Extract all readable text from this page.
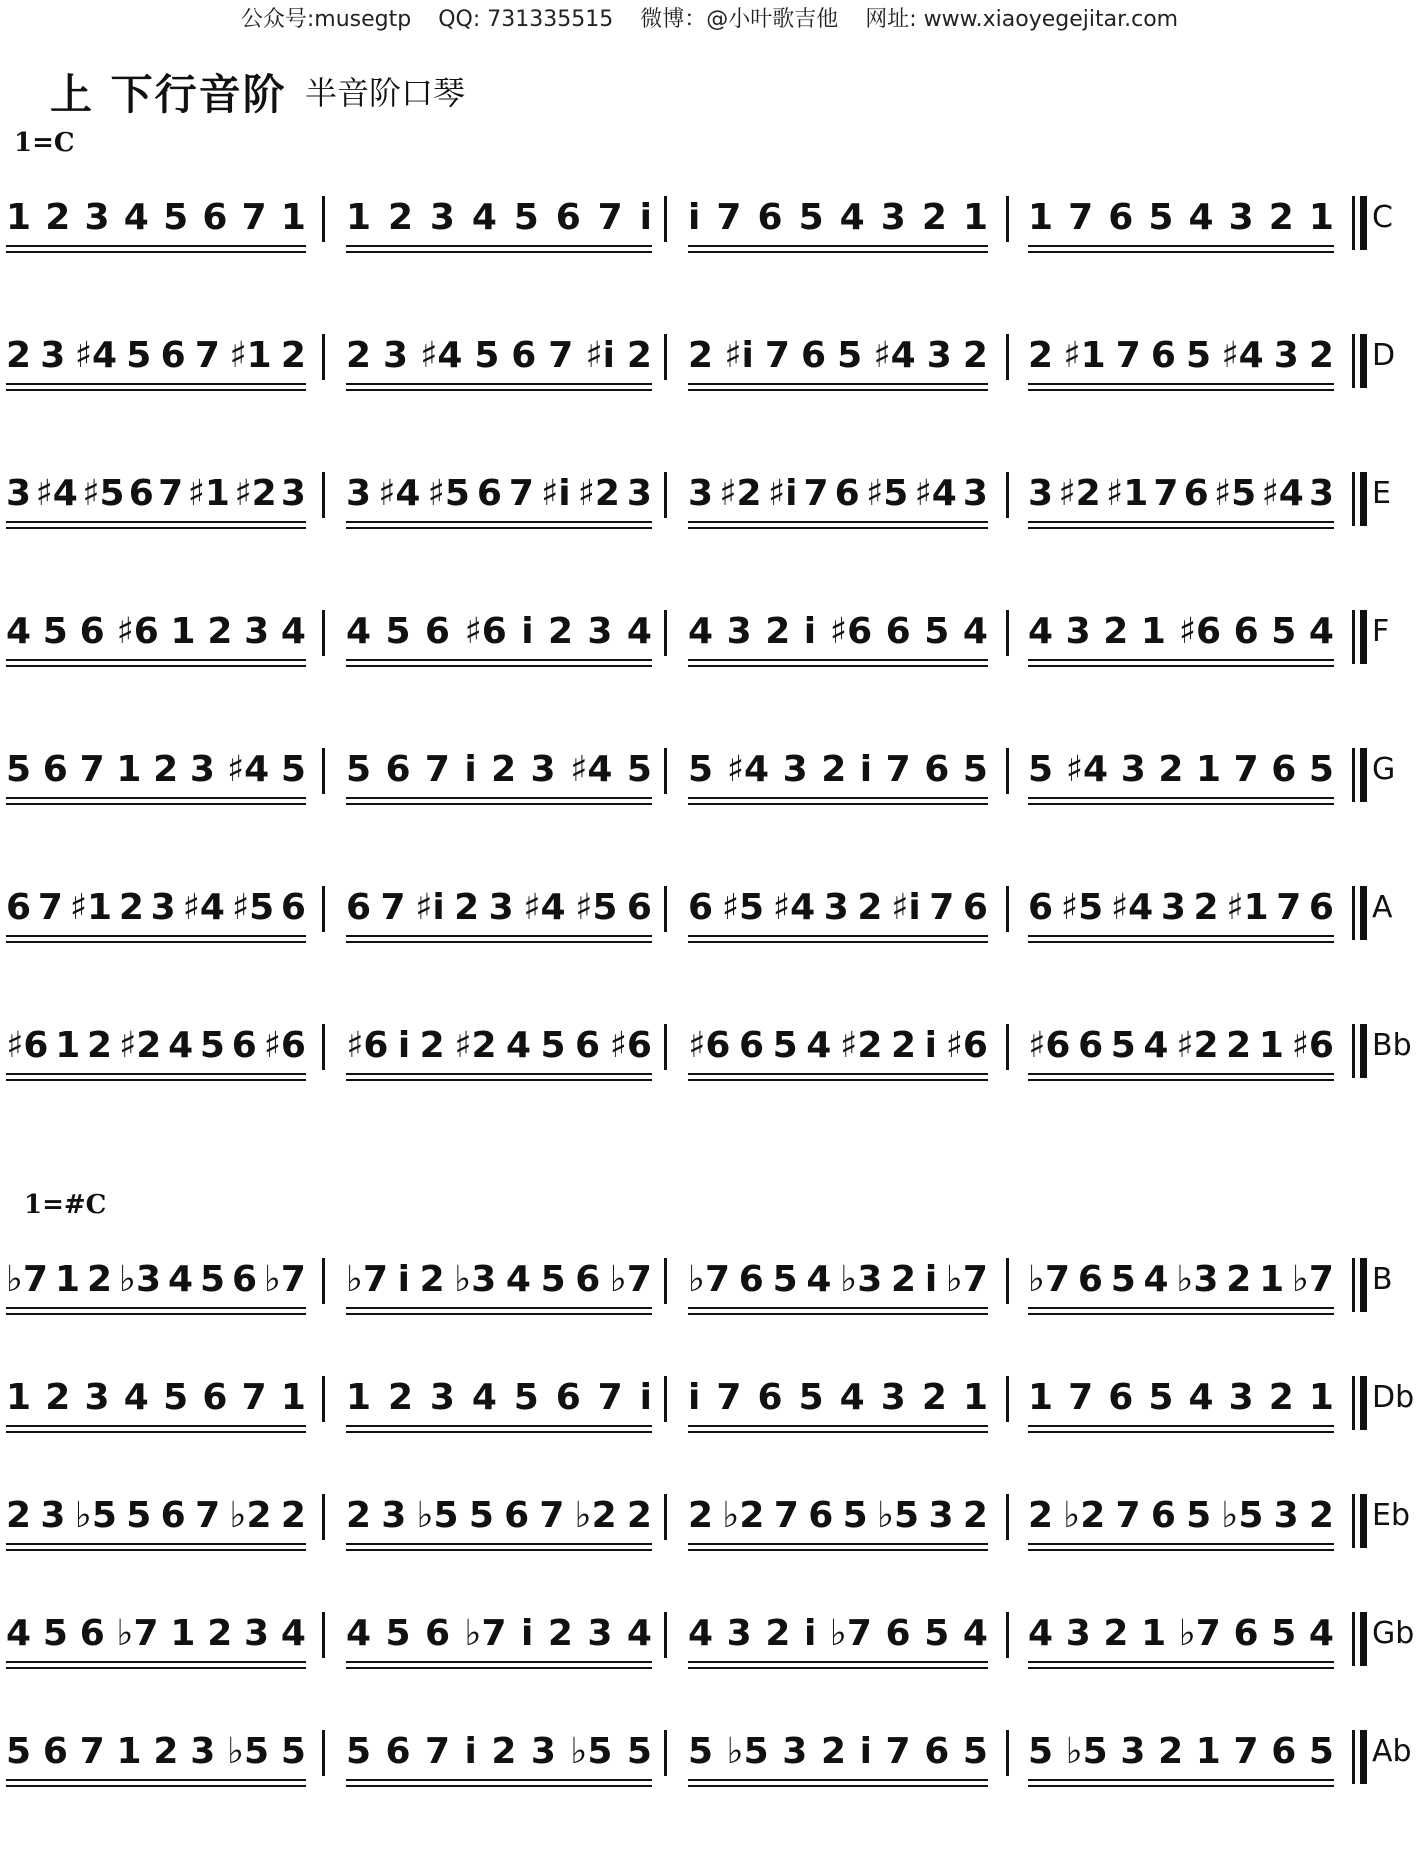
公众号:musegtp QQ: 731335515 微博：@小叶歌吉他 网址: www.xiaoyegejitar.com
上 下行音阶 半音阶口琴
1=C
1=#C
1 2 3 4 5 6 7 1 1 2 3 4 5 6 7 i i 7 6 5 4 3 2 1 1 7 6 5 4 3 2 1 C
2 3 ♯4 5 6 7 ♯1 2 2 3 ♯4 5 6 7 ♯i 2 2 ♯i 7 6 5 ♯4 3 2 2 ♯1 7 6 5 ♯4 3 2 D
3 ♯4 ♯5 6 7 ♯1 ♯2 3 3 ♯4 ♯5 6 7 ♯i ♯2 3 3 ♯2 ♯i 7 6 ♯5 ♯4 3 3 ♯2 ♯1 7 6 ♯5 ♯4 3 E
4 5 6 ♯6 1 2 3 4 4 5 6 ♯6 i 2 3 4 4 3 2 i ♯6 6 5 4 4 3 2 1 ♯6 6 5 4 F
5 6 7 1 2 3 ♯4 5 5 6 7 i 2 3 ♯4 5 5 ♯4 3 2 i 7 6 5 5 ♯4 3 2 1 7 6 5 G
6 7 ♯1 2 3 ♯4 ♯5 6 6 7 ♯i 2 3 ♯4 ♯5 6 6 ♯5 ♯4 3 2 ♯i 7 6 6 ♯5 ♯4 3 2 ♯1 7 6 A
♯6 1 2 ♯2 4 5 6 ♯6 ♯6 i 2 ♯2 4 5 6 ♯6 ♯6 6 5 4 ♯2 2 i ♯6 ♯6 6 5 4 ♯2 2 1 ♯6 Bb
♭7 1 2 ♭3 4 5 6 ♭7 ♭7 i 2 ♭3 4 5 6 ♭7 ♭7 6 5 4 ♭3 2 i ♭7 ♭7 6 5 4 ♭3 2 1 ♭7 B
1 2 3 4 5 6 7 1 1 2 3 4 5 6 7 i i 7 6 5 4 3 2 1 1 7 6 5 4 3 2 1 Db
2 3 ♭5 5 6 7 ♭2 2 2 3 ♭5 5 6 7 ♭2 2 2 ♭2 7 6 5 ♭5 3 2 2 ♭2 7 6 5 ♭5 3 2 Eb
4 5 6 ♭7 1 2 3 4 4 5 6 ♭7 i 2 3 4 4 3 2 i ♭7 6 5 4 4 3 2 1 ♭7 6 5 4 Gb
5 6 7 1 2 3 ♭5 5 5 6 7 i 2 3 ♭5 5 5 ♭5 3 2 i 7 6 5 5 ♭5 3 2 1 7 6 5 Ab
